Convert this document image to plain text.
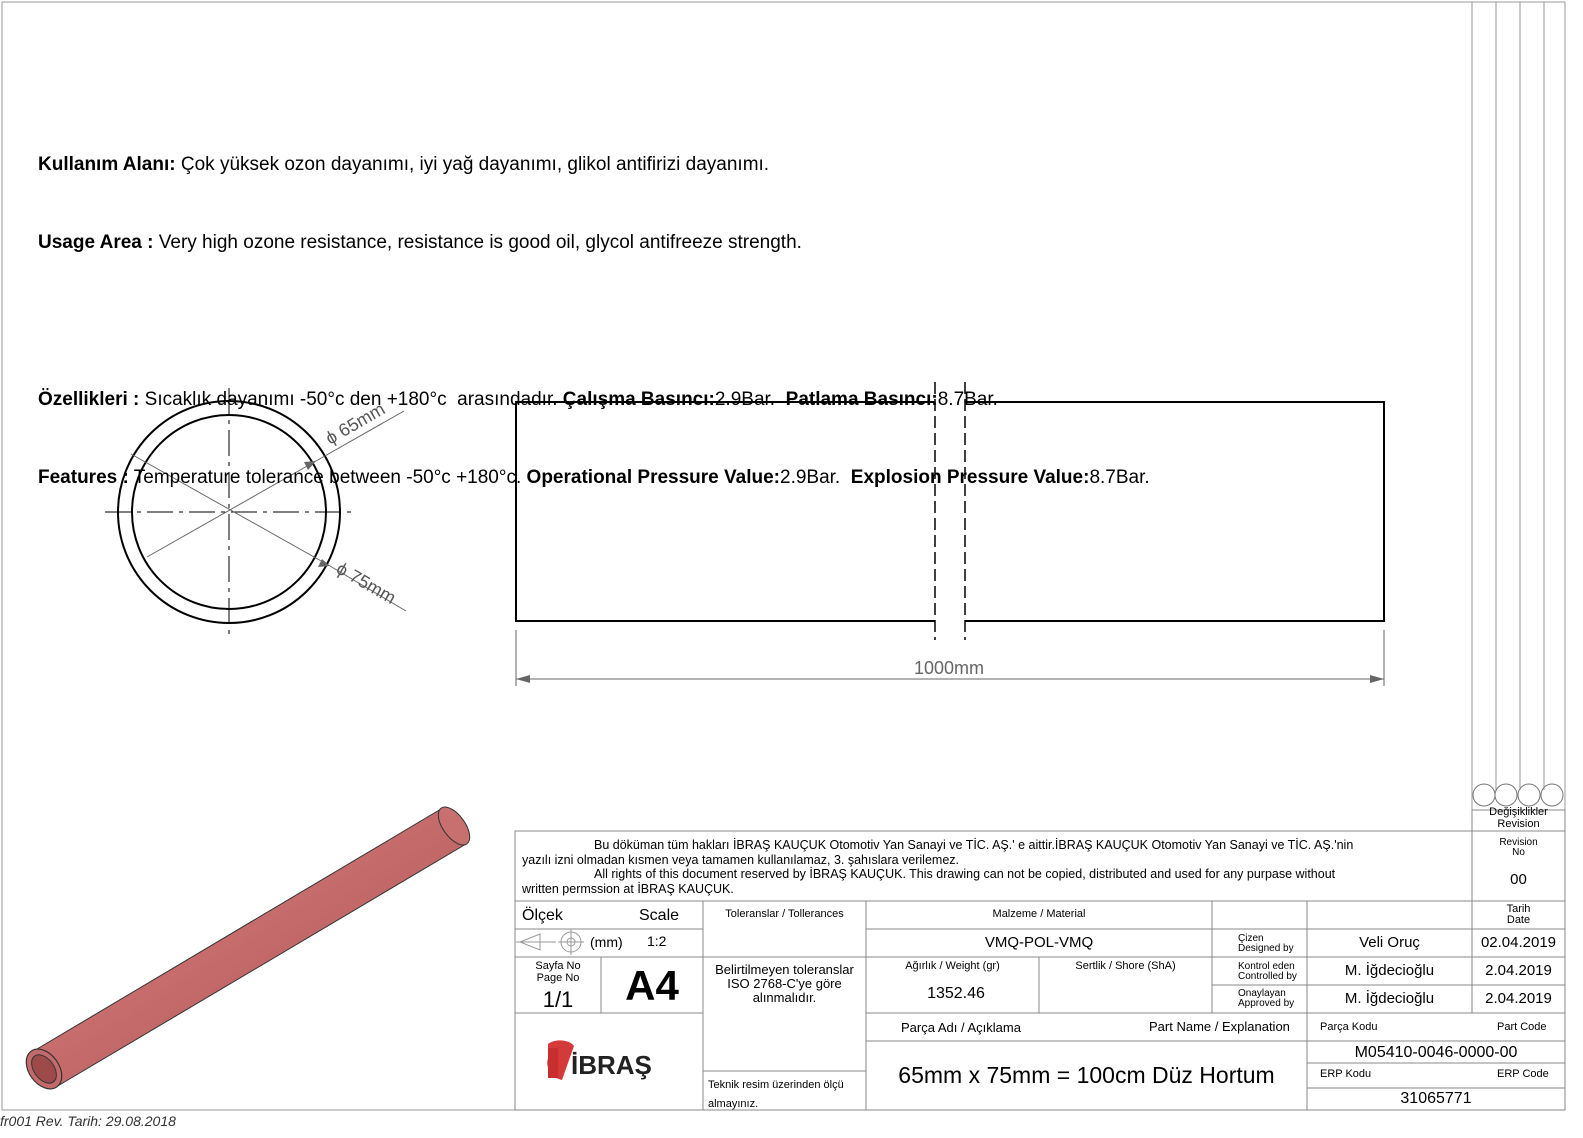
ϕ 65mm
ϕ 75mm
1000mm
İBRAŞ

Kullanım Alanı: Çok yüksek ozon dayanımı, iyi yağ dayanımı, glikol antifirizi dayanımı.

Usage Area : Very high ozone resistance, resistance is good oil, glycol antifreeze strength.

Özellikleri : Sıcaklık dayanımı -50°c den +180°c  arasındadır. Çalışma Basıncı:2.9Bar.  Patlama Basıncı:8.7Bar.

Features : Temperature tolerance between -50°c +180°c. Operational Pressure Value:2.9Bar.  Explosion Pressure Value:8.7Bar.

Değişiklikler
Revision
Revision
No
00
Tarih
Date
Bu döküman tüm hakları İBRAŞ KAUÇUK Otomotiv Yan Sanayi ve TİC. AŞ.' e aittir.İBRAŞ KAUÇUK Otomotiv Yan Sanayi ve TİC. AŞ.'nin
yazılı izni olmadan kısmen veya tamamen kullanılamaz, 3. şahıslara verilemez.
All rights of this document reserved by İBRAŞ KAUÇUK. This drawing can not be copied, distributed and used for any purpase without
written permssion at İBRAŞ KAUÇUK.
Ölçek	Scale
(mm) 1:2
Sayfa No
Page No
1/1	A4
Toleranslar / Tollerances
Belirtilmeyen toleranslar
ISO 2768-C'ye göre
alınmalıdır.
Teknik resim üzerinden ölçü
almayınız.
Malzeme / Material
VMQ-POL-VMQ
Ağırlık / Weight (gr)
1352.46
Sertlik / Shore (ShA)
Çizen
Designed by	Veli Oruç	02.04.2019
Kontrol eden
Controlled by	M. İğdecioğlu	2.04.2019
Onaylayan
Approved by	M. İğdecioğlu	2.04.2019
Parça Adı / Açıklama	Part Name / Explanation
65mm x 75mm = 100cm Düz Hortum
Parça Kodu	Part Code
M05410-0046-0000-00
ERP Kodu	ERP Code
31065771
fr001 Rev. Tarih: 29.08.2018
